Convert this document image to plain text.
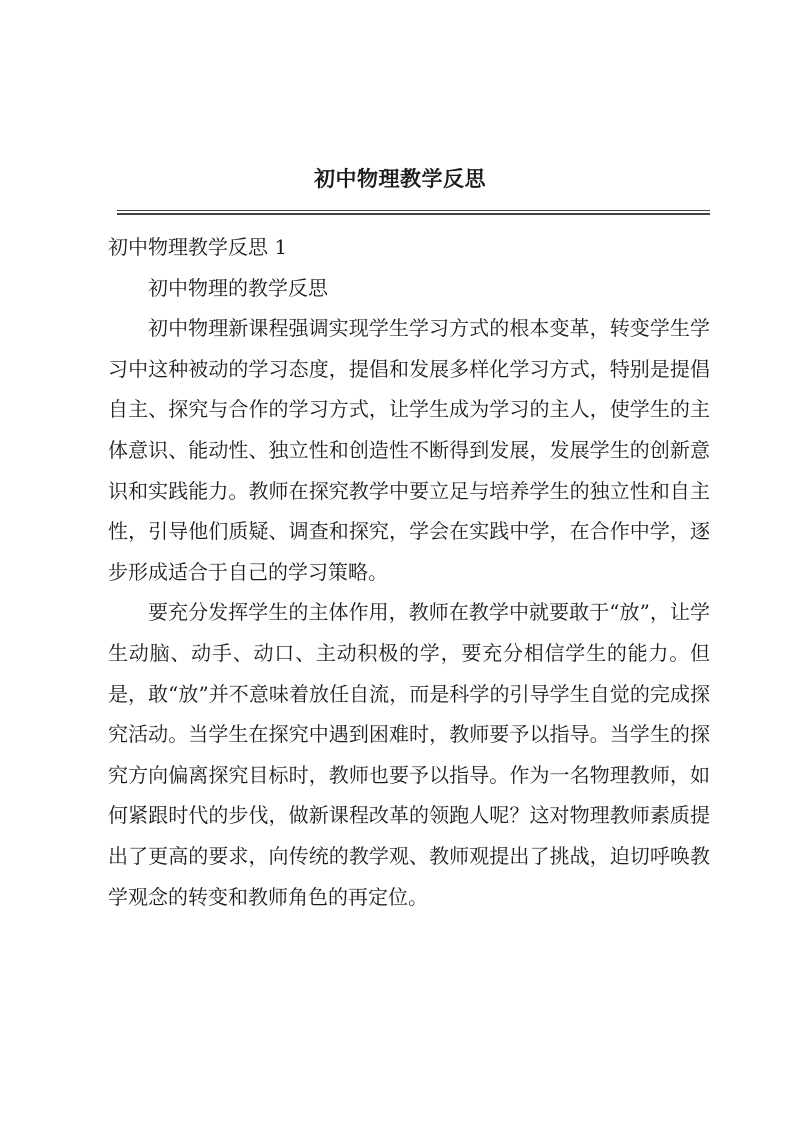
初中物理教学反思

初中物理教学反思 1

初中物理的教学反思

初中物理新课程强调实现学生学习方式的根本变革，转变学生学习中这种被动的学习态度，提倡和发展多样化学习方式，特别是提倡自主、探究与合作的学习方式，让学生成为学习的主人，使学生的主体意识、能动性、独立性和创造性不断得到发展，发展学生的创新意识和实践能力。教师在探究教学中要立足与培养学生的独立性和自主性，引导他们质疑、调查和探究，学会在实践中学，在合作中学，逐步形成适合于自己的学习策略。

要充分发挥学生的主体作用，教师在教学中就要敢于“放”，让学生动脑、动手、动口、主动积极的学，要充分相信学生的能力。但是，敢“放”并不意味着放任自流，而是科学的引导学生自觉的完成探究活动。当学生在探究中遇到困难时，教师要予以指导。当学生的探究方向偏离探究目标时，教师也要予以指导。作为一名物理教师，如何紧跟时代的步伐，做新课程改革的领跑人呢？这对物理教师素质提出了更高的要求，向传统的教学观、教师观提出了挑战，迫切呼唤教学观念的转变和教师角色的再定位。
